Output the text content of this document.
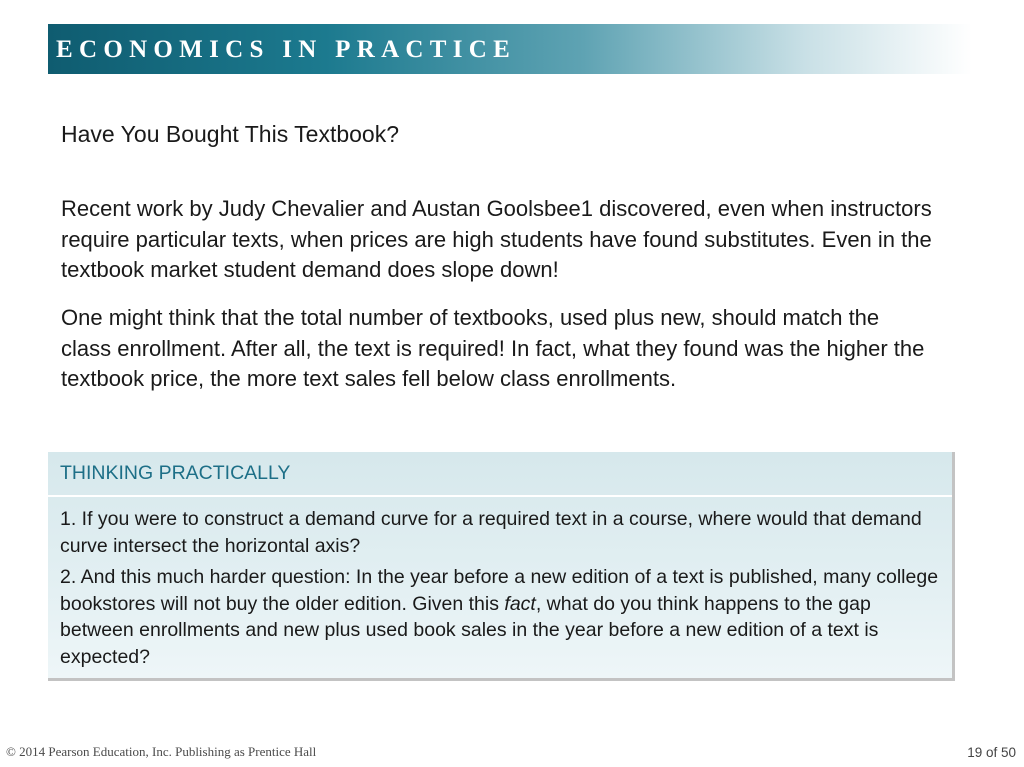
ECONOMICS IN PRACTICE
Have You Bought This Textbook?

Recent work by Judy Chevalier and Austan Goolsbee1 discovered, even when instructors require particular texts, when prices are high students have found substitutes. Even in the textbook market student demand does slope down!

One might think that the total number of textbooks, used plus new, should match the class enrollment. After all, the text is required! In fact, what they found was the higher the textbook price, the more text sales fell below class enrollments.

THINKING PRACTICALLY

1. If you were to construct a demand curve for a required text in a course, where would that demand curve intersect the horizontal axis?

2. And this much harder question: In the year before a new edition of a text is published, many college bookstores will not buy the older edition. Given this fact, what do you think happens to the gap between enrollments and new plus used book sales in the year before a new edition of a text is expected?

© 2014 Pearson Education, Inc. Publishing as Prentice Hall	19 of 50
